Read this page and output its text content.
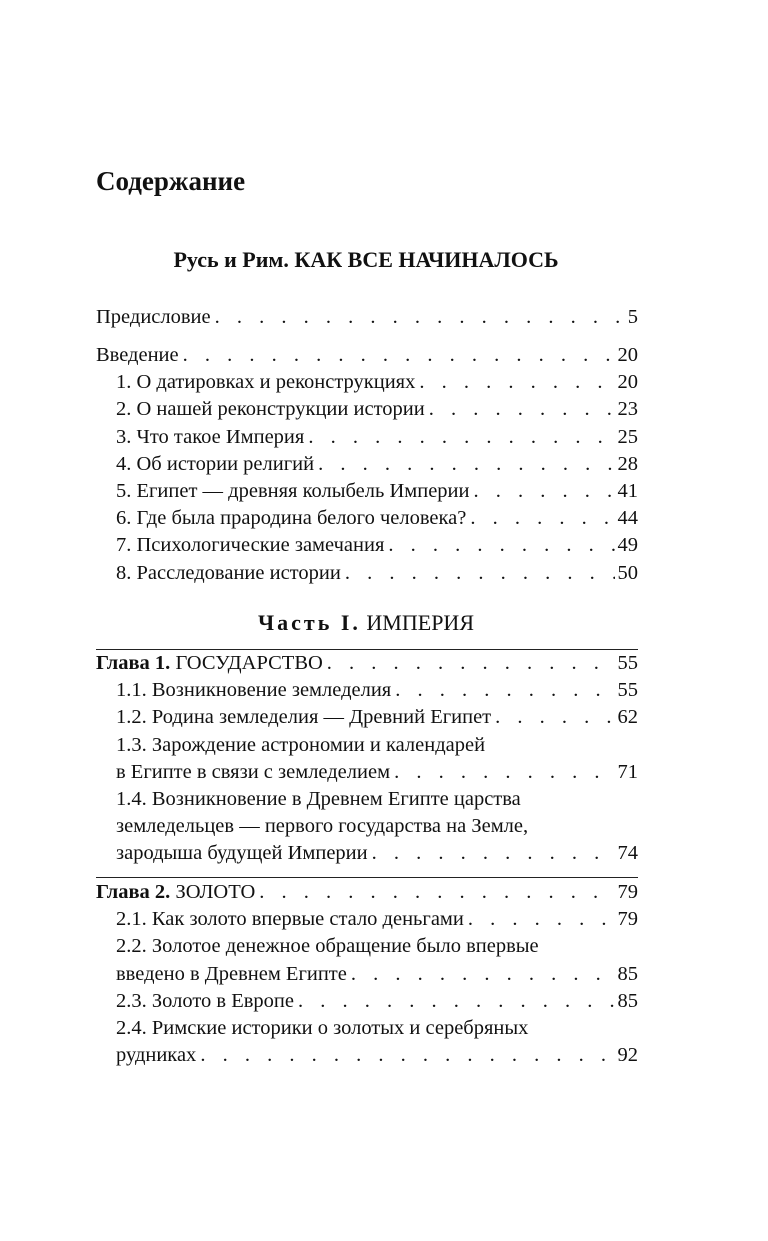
Содержание
Русь и Рим. КАК ВСЕ НАЧИНАЛОСЬ
Предисловие . . .	5
Введение . . .	20
1. О датировках и реконструкциях . . .	20
2. О нашей реконструкции истории . . .	23
3. Что такое Империя . . .	25
4. Об истории религий . . .	28
5. Египет — древняя колыбель Империи . . .	41
6. Где была прародина белого человека? . . .	44
7. Психологические замечания . . .	49
8. Расследование истории . . .	50
Часть I. ИМПЕРИЯ
Глава 1. ГОСУДАРСТВО . . .	55
1.1. Возникновение земледелия . . .	55
1.2. Родина земледелия — Древний Египет . . .	62
1.3. Зарождение астрономии и календарей
в Египте в связи с земледелием . . .	71
1.4. Возникновение в Древнем Египте царства
земледельцев — первого государства на Земле,
зародыша будущей Империи . . .	74
Глава 2. ЗОЛОТО . . .	79
2.1. Как золото впервые стало деньгами . . .	79
2.2. Золотое денежное обращение было впервые
введено в Древнем Египте . . .	85
2.3. Золото в Европе . . .	85
2.4. Римские историки о золотых и серебряных
рудниках . . .	92
